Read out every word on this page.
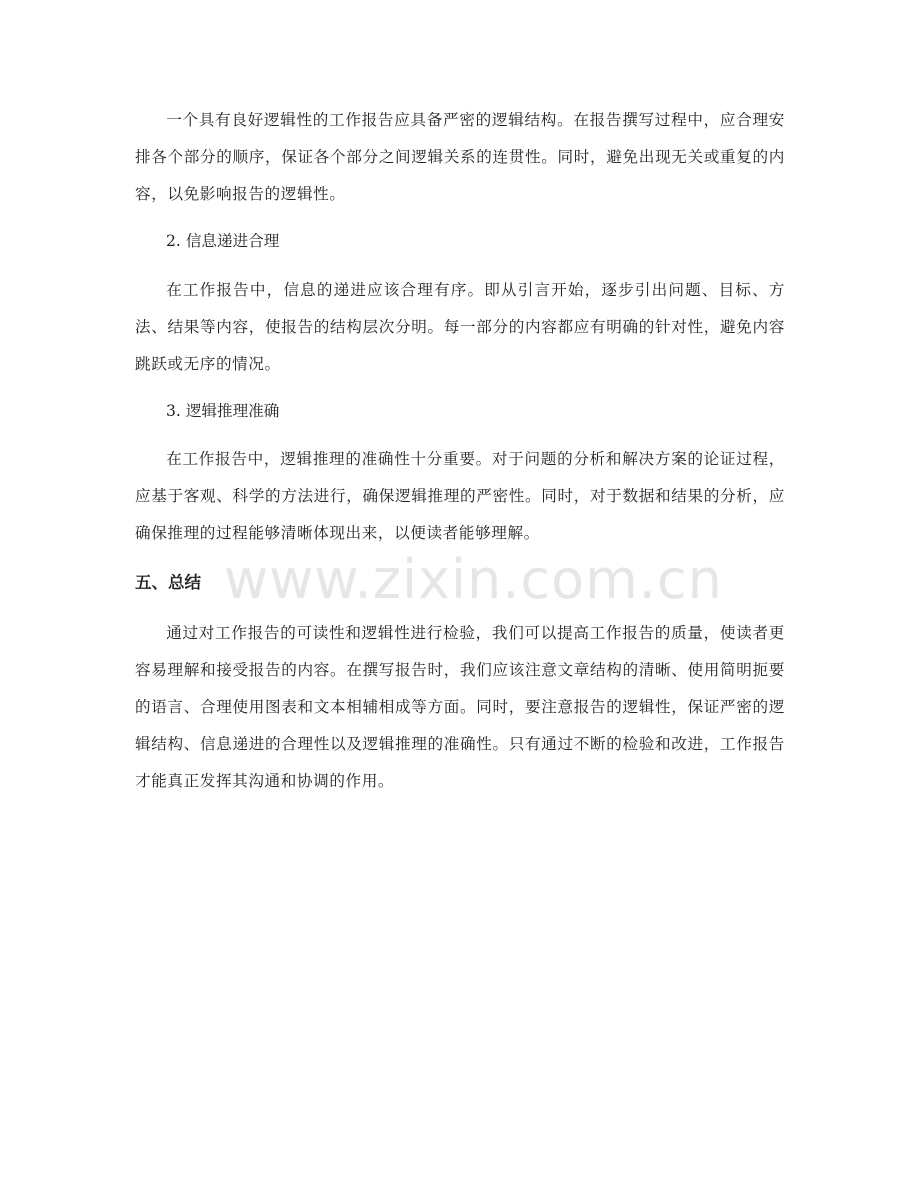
www.zixin.com.cn

一个具有良好逻辑性的工作报告应具备严密的逻辑结构。在报告撰写过程中，应合理安排各个部分的顺序，保证各个部分之间逻辑关系的连贯性。同时，避免出现无关或重复的内容，以免影响报告的逻辑性。

2. 信息递进合理

在工作报告中，信息的递进应该合理有序。即从引言开始，逐步引出问题、目标、方法、结果等内容，使报告的结构层次分明。每一部分的内容都应有明确的针对性，避免内容跳跃或无序的情况。

3. 逻辑推理准确

在工作报告中，逻辑推理的准确性十分重要。对于问题的分析和解决方案的论证过程，应基于客观、科学的方法进行，确保逻辑推理的严密性。同时，对于数据和结果的分析，应确保推理的过程能够清晰体现出来，以便读者能够理解。

五、总结

通过对工作报告的可读性和逻辑性进行检验，我们可以提高工作报告的质量，使读者更容易理解和接受报告的内容。在撰写报告时，我们应该注意文章结构的清晰、使用简明扼要的语言、合理使用图表和文本相辅相成等方面。同时，要注意报告的逻辑性，保证严密的逻辑结构、信息递进的合理性以及逻辑推理的准确性。只有通过不断的检验和改进，工作报告才能真正发挥其沟通和协调的作用。
